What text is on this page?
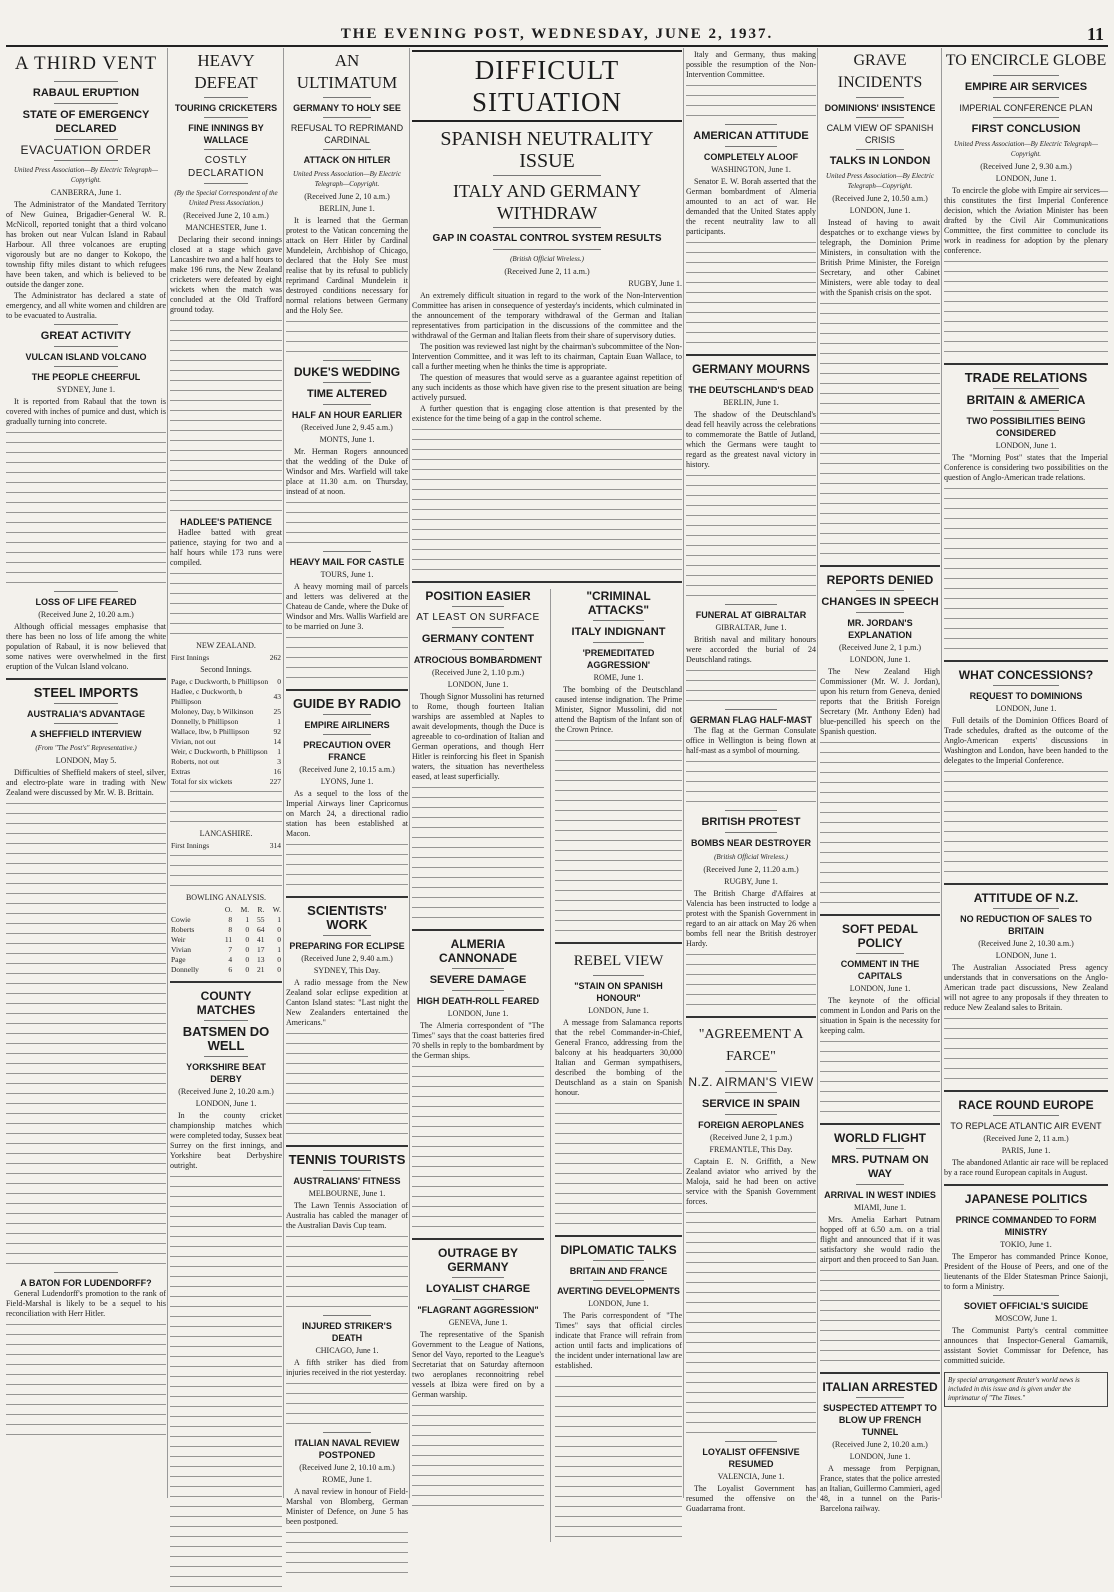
THE EVENING POST, WEDNESDAY, JUNE 2, 1937.	11
A THIRD VENT
RABAUL ERUPTION
STATE OF EMERGENCY DECLARED
EVACUATION ORDER
United Press Association—By Electric Telegraph—Copyright.
CANBERRA, June 1.

The Administrator of the Mandated Territory of New Guinea, Brigadier-General W. R. McNicoll, reported tonight that a third volcano has broken out near Vulcan Island in Rabaul Harbour. All three volcanoes are erupting vigorously but are no danger to Kokopo, the township fifty miles distant to which refugees have been taken, and which is believed to be outside the danger zone.

The Administrator has declared a state of emergency, and all white women and children are to be evacuated to Australia.

GREAT ACTIVITY
VULCAN ISLAND VOLCANO
THE PEOPLE CHEERFUL
SYDNEY, June 1.

It is reported from Rabaul that the town is covered with inches of pumice and dust, which is gradually turning into concrete.

LOSS OF LIFE FEARED
(Received June 2, 10.20 a.m.)

Although official messages emphasise that there has been no loss of life among the white population of Rabaul, it is now believed that some natives were overwhelmed in the first eruption of the Vulcan Island volcano.

STEEL IMPORTS
AUSTRALIA'S ADVANTAGE
A SHEFFIELD INTERVIEW
(From "The Post's" Representative.)
LONDON, May 5.

Difficulties of Sheffield makers of steel, silver, and electro-plate ware in trading with New Zealand were discussed by Mr. W. B. Brittain.

A BATON FOR LUDENDORFF?

General Ludendorff's promotion to the rank of Field-Marshal is likely to be a sequel to his reconciliation with Herr Hitler.

HEAVY DEFEAT
TOURING CRICKETERS
FINE INNINGS BY WALLACE
COSTLY DECLARATION
(By the Special Correspondent of the United Press Association.)
(Received June 2, 10 a.m.)
MANCHESTER, June 1.

Declaring their second innings closed at a stage which gave Lancashire two and a half hours to make 196 runs, the New Zealand cricketers were defeated by eight wickets when the match was concluded at the Old Trafford ground today.

HADLEE'S PATIENCE

Hadlee batted with great patience, staying for two and a half hours while 173 runs were compiled.

NEW ZEALAND.
First Innings	262
Second Innings.
Page, c Duckworth, b Phillipson	0
Hadlee, c Duckworth, b Phillipson	43
Moloney, Day, b Wilkinson	25
Donnelly, b Phillipson	1
Wallace, lbw, b Phillipson	92
Vivian, not out	14
Weir, c Duckworth, b Phillipson	1
Roberts, not out	3
Extras	16
Total for six wickets	227
LANCASHIRE.
First Innings	314
BOWLING ANALYSIS.
	O.	M.	R.	W.
Cowie	8	1	55	1
Roberts	8	0	64	0
Weir	11	0	41	0
Vivian	7	0	17	1
Page	4	0	13	0
Donnelly	6	0	21	0
COUNTY MATCHES
BATSMEN DO WELL
YORKSHIRE BEAT DERBY
(Received June 2, 10.20 a.m.)
LONDON, June 1.

In the county cricket championship matches which were completed today, Sussex beat Surrey on the first innings, and Yorkshire beat Derbyshire outright.

AN ULTIMATUM
GERMANY TO HOLY SEE
REFUSAL TO REPRIMAND CARDINAL
ATTACK ON HITLER
United Press Association—By Electric Telegraph—Copyright.
(Received June 2, 10 a.m.)
BERLIN, June 1.

It is learned that the German protest to the Vatican concerning the attack on Herr Hitler by Cardinal Mundelein, Archbishop of Chicago, declared that the Holy See must realise that by its refusal to publicly reprimand Cardinal Mundelein it destroyed conditions necessary for normal relations between Germany and the Holy See.

DUKE'S WEDDING
TIME ALTERED
HALF AN HOUR EARLIER
(Received June 2, 9.45 a.m.)
MONTS, June 1.

Mr. Herman Rogers announced that the wedding of the Duke of Windsor and Mrs. Warfield will take place at 11.30 a.m. on Thursday, instead of at noon.

HEAVY MAIL FOR CASTLE
TOURS, June 1.

A heavy morning mail of parcels and letters was delivered at the Chateau de Cande, where the Duke of Windsor and Mrs. Wallis Warfield are to be married on June 3.

GUIDE BY RADIO
EMPIRE AIRLINERS
PRECAUTION OVER FRANCE
(Received June 2, 10.15 a.m.)
LYONS, June 1.

As a sequel to the loss of the Imperial Airways liner Capricornus on March 24, a directional radio station has been established at Macon.

SCIENTISTS' WORK
PREPARING FOR ECLIPSE
(Received June 2, 9.40 a.m.)
SYDNEY, This Day.

A radio message from the New Zealand solar eclipse expedition at Canton Island states: "Last night the New Zealanders entertained the Americans."

TENNIS TOURISTS
AUSTRALIANS' FITNESS
MELBOURNE, June 1.

The Lawn Tennis Association of Australia has cabled the manager of the Australian Davis Cup team.

INJURED STRIKER'S DEATH
CHICAGO, June 1.

A fifth striker has died from injuries received in the riot yesterday.

ITALIAN NAVAL REVIEW POSTPONED
(Received June 2, 10.10 a.m.)
ROME, June 1.

A naval review in honour of Field-Marshal von Blomberg, German Minister of Defence, on June 5 has been postponed.

DIFFICULT SITUATION
SPANISH NEUTRALITY ISSUE
ITALY AND GERMANY WITHDRAW
GAP IN COASTAL CONTROL SYSTEM RESULTS
(British Official Wireless.)
(Received June 2, 11 a.m.)
RUGBY, June 1.

An extremely difficult situation in regard to the work of the Non-Intervention Committee has arisen in consequence of yesterday's incidents, which culminated in the announcement of the temporary withdrawal of the German and Italian representatives from participation in the discussions of the committee and the withdrawal of the German and Italian fleets from their share of supervisory duties.

The position was reviewed last night by the chairman's subcommittee of the Non-Intervention Committee, and it was left to its chairman, Captain Euan Wallace, to call a further meeting when he thinks the time is appropriate.

The question of measures that would serve as a guarantee against repetition of any such incidents as those which have given rise to the present situation are being actively pursued.

A further question that is engaging close attention is that presented by the existence for the time being of a gap in the control scheme.

POSITION EASIER
AT LEAST ON SURFACE
GERMANY CONTENT
ATROCIOUS BOMBARDMENT
(Received June 2, 1.10 p.m.)
LONDON, June 1.

Though Signor Mussolini has returned to Rome, though fourteen Italian warships are assembled at Naples to await developments, though the Duce is agreeable to co-ordination of Italian and German operations, and though Herr Hitler is reinforcing his fleet in Spanish waters, the situation has nevertheless eased, at least superficially.

ALMERIA CANNONADE
SEVERE DAMAGE
HIGH DEATH-ROLL FEARED
LONDON, June 1.

The Almeria correspondent of "The Times" says that the coast batteries fired 70 shells in reply to the bombardment by the German ships.

OUTRAGE BY GERMANY
LOYALIST CHARGE
"FLAGRANT AGGRESSION"
GENEVA, June 1.

The representative of the Spanish Government to the League of Nations, Senor del Vayo, reported to the League's Secretariat that on Saturday afternoon two aeroplanes reconnoitring rebel vessels at Ibiza were fired on by a German warship.

"CRIMINAL ATTACKS"
ITALY INDIGNANT
'PREMEDITATED AGGRESSION'
ROME, June 1.

The bombing of the Deutschland caused intense indignation. The Prime Minister, Signor Mussolini, did not attend the Baptism of the Infant son of the Crown Prince.

REBEL VIEW
"STAIN ON SPANISH HONOUR"
LONDON, June 1.

A message from Salamanca reports that the rebel Commander-in-Chief, General Franco, addressing from the balcony at his headquarters 30,000 Italian and German sympathisers, described the bombing of the Deutschland as a stain on Spanish honour.

DIPLOMATIC TALKS
BRITAIN AND FRANCE
AVERTING DEVELOPMENTS
LONDON, June 1.

The Paris correspondent of "The Times" says that official circles indicate that France will refrain from action until facts and implications of the incident under international law are established.

Italy and Germany, thus making possible the resumption of the Non-Intervention Committee.

AMERICAN ATTITUDE
COMPLETELY ALOOF
WASHINGTON, June 1.

Senator E. W. Borah asserted that the German bombardment of Almeria amounted to an act of war. He demanded that the United States apply the recent neutrality law to all participants.

GERMANY MOURNS
THE DEUTSCHLAND'S DEAD
BERLIN, June 1.

The shadow of the Deutschland's dead fell heavily across the celebrations to commemorate the Battle of Jutland, which the Germans were taught to regard as the greatest naval victory in history.

FUNERAL AT GIBRALTAR
GIBRALTAR, June 1.

British naval and military honours were accorded the burial of 24 Deutschland ratings.

GERMAN FLAG HALF-MAST

The flag at the German Consulate office in Wellington is being flown at half-mast as a symbol of mourning.

BRITISH PROTEST
BOMBS NEAR DESTROYER
(British Official Wireless.)
(Received June 2, 11.20 a.m.)
RUGBY, June 1.

The British Charge d'Affaires at Valencia has been instructed to lodge a protest with the Spanish Government in regard to an air attack on May 26 when bombs fell near the British destroyer Hardy.

"AGREEMENT A FARCE"
N.Z. AIRMAN'S VIEW
SERVICE IN SPAIN
FOREIGN AEROPLANES
(Received June 2, 1 p.m.)
FREMANTLE, This Day.

Captain E. N. Griffith, a New Zealand aviator who arrived by the Maloja, said he had been on active service with the Spanish Government forces.

LOYALIST OFFENSIVE RESUMED
VALENCIA, June 1.

The Loyalist Government has resumed the offensive on the Guadarrama front.

GRAVE INCIDENTS
DOMINIONS' INSISTENCE
CALM VIEW OF SPANISH CRISIS
TALKS IN LONDON
United Press Association—By Electric Telegraph—Copyright.
(Received June 2, 10.50 a.m.)
LONDON, June 1.

Instead of having to await despatches or to exchange views by telegraph, the Dominion Prime Ministers, in consultation with the British Prime Minister, the Foreign Secretary, and other Cabinet Ministers, were able today to deal with the Spanish crisis on the spot.

REPORTS DENIED
CHANGES IN SPEECH
MR. JORDAN'S EXPLANATION
(Received June 2, 1 p.m.)
LONDON, June 1.

The New Zealand High Commissioner (Mr. W. J. Jordan), upon his return from Geneva, denied reports that the British Foreign Secretary (Mr. Anthony Eden) had blue-pencilled his speech on the Spanish question.

SOFT PEDAL POLICY
COMMENT IN THE CAPITALS
LONDON, June 1.

The keynote of the official comment in London and Paris on the situation in Spain is the necessity for keeping calm.

WORLD FLIGHT
MRS. PUTNAM ON WAY
ARRIVAL IN WEST INDIES
MIAMI, June 1.

Mrs. Amelia Earhart Putnam hopped off at 6.50 a.m. on a trial flight and announced that if it was satisfactory she would radio the airport and then proceed to San Juan.

ITALIAN ARRESTED
SUSPECTED ATTEMPT TO BLOW UP FRENCH TUNNEL
(Received June 2, 10.20 a.m.)
LONDON, June 1.

A message from Perpignan, France, states that the police arrested an Italian, Guillermo Cammieri, aged 48, in a tunnel on the Paris-Barcelona railway.

TO ENCIRCLE GLOBE
EMPIRE AIR SERVICES
IMPERIAL CONFERENCE PLAN
FIRST CONCLUSION
United Press Association—By Electric Telegraph—Copyright.
(Received June 2, 9.30 a.m.)
LONDON, June 1.

To encircle the globe with Empire air services—this constitutes the first Imperial Conference decision, which the Aviation Minister has been drafted by the Civil Air Communications Committee, the first committee to conclude its work in readiness for adoption by the plenary conference.

TRADE RELATIONS
BRITAIN & AMERICA
TWO POSSIBILITIES BEING CONSIDERED
LONDON, June 1.

The "Morning Post" states that the Imperial Conference is considering two possibilities on the question of Anglo-American trade relations.

WHAT CONCESSIONS?
REQUEST TO DOMINIONS
LONDON, June 1.

Full details of the Dominion Offices Board of Trade schedules, drafted as the outcome of the Anglo-American experts' discussions in Washington and London, have been handed to the delegates to the Imperial Conference.

ATTITUDE OF N.Z.
NO REDUCTION OF SALES TO BRITAIN
(Received June 2, 10.30 a.m.)
LONDON, June 1.

The Australian Associated Press agency understands that in conversations on the Anglo-American trade pact discussions, New Zealand will not agree to any proposals if they threaten to reduce New Zealand sales to Britain.

RACE ROUND EUROPE
TO REPLACE ATLANTIC AIR EVENT
(Received June 2, 11 a.m.)
PARIS, June 1.

The abandoned Atlantic air race will be replaced by a race round European capitals in August.

JAPANESE POLITICS
PRINCE COMMANDED TO FORM MINISTRY
TOKIO, June 1.

The Emperor has commanded Prince Konoe, President of the House of Peers, and one of the lieutenants of the Elder Statesman Prince Saionji, to form a Ministry.

SOVIET OFFICIAL'S SUICIDE
MOSCOW, June 1.

The Communist Party's central committee announces that Inspector-General Gamarnik, assistant Soviet Commissar for Defence, has committed suicide.

By special arrangement Reuter's world news is included in this issue and is given under the imprimatur of "The Times."
